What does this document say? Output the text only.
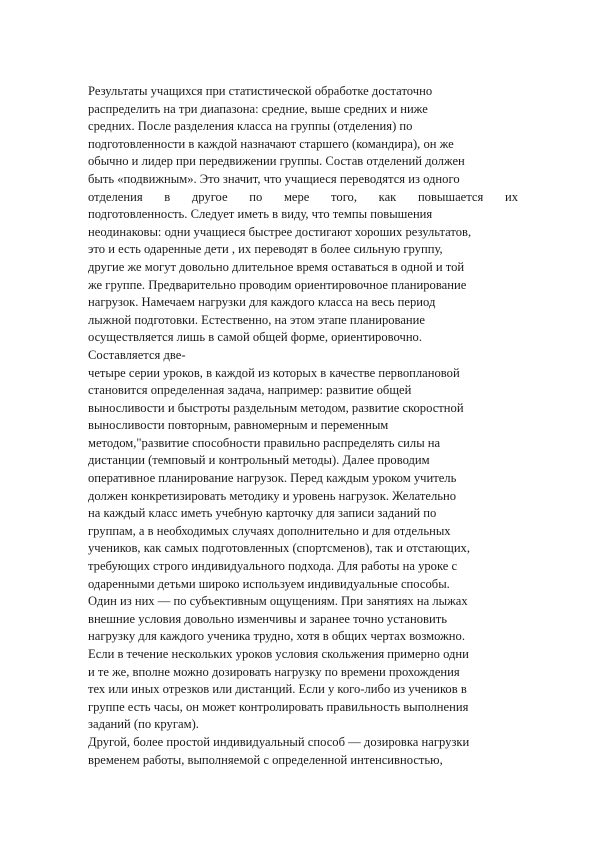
Результаты учащихся при статистической обработке достаточно
распределить на три диапазона: средние, выше средних и ниже
средних. После разделения класса на группы (отделения) по
подготовленности в каждой назначают старшего (командира), он же
обычно и лидер при передвижении группы. Состав отделений должен
быть «подвижным». Это значит, что учащиеся переводятся из одного
отделения в другое по мере того, как повышается их
подготовленность. Следует иметь в виду, что темпы повышения
неодинаковы: одни учащиеся быстрее достигают хороших результатов,
это и есть одаренные дети , их переводят в более сильную группу,
другие же могут довольно длительное время оставаться в одной и той
же группе. Предварительно проводим ориентировочное планирование
нагрузок. Намечаем нагрузки для каждого класса на весь период
лыжной подготовки. Естественно, на этом этапе планирование
осуществляется лишь в самой общей форме, ориентировочно.
Составляется две-
четыре серии уроков, в каждой из которых в качестве первоплановой
становится определенная задача, например: развитие общей
выносливости и быстроты раздельным методом, развитие скоростной
выносливости повторным, равномерным и переменным
методом,"развитие способности правильно распределять силы на
дистанции (темповый и контрольный методы). Далее проводим
оперативное планирование нагрузок. Перед каждым уроком учитель
должен конкретизировать методику и уровень нагрузок. Желательно
на каждый класс иметь учебную карточку для записи заданий по
группам, а в необходимых случаях дополнительно и для отдельных
учеников, как самых подготовленных (спортсменов), так и отстающих,
требующих строго индивидуального подхода. Для работы на уроке с
одаренными детьми широко используем индивидуальные способы.
Один из них — по субъективным ощущениям. При занятиях на лыжах
внешние условия довольно изменчивы и заранее точно установить
нагрузку для каждого ученика трудно, хотя в общих чертах возможно.
Если в течение нескольких уроков условия скольжения примерно одни
и те же, вполне можно дозировать нагрузку по времени прохождения
тех или иных отрезков или дистанций. Если у кого-либо из учеников в
группе есть часы, он может контролировать правильность выполнения
заданий (по кругам).
Другой, более простой индивидуальный способ — дозировка нагрузки
временем работы, выполняемой с определенной интенсивностью,
